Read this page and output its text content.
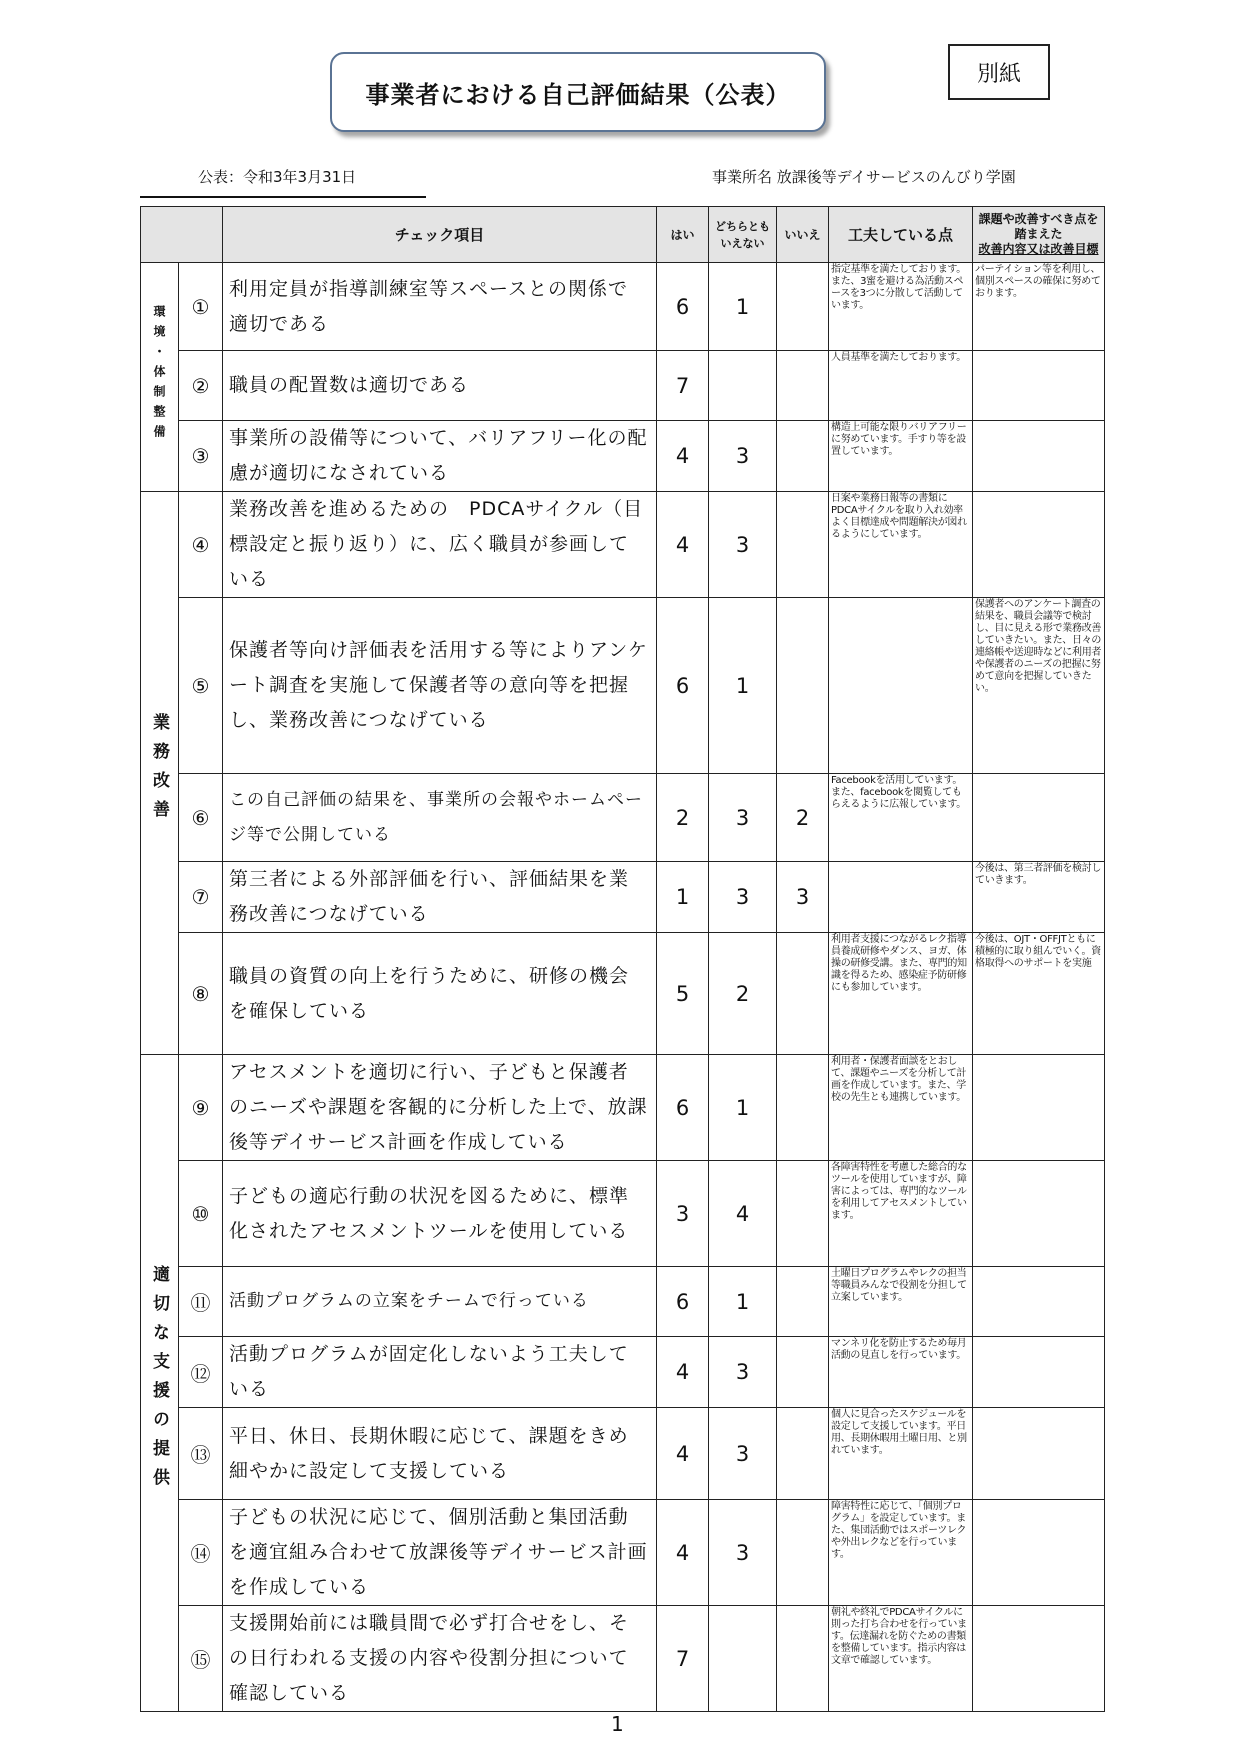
事業者における自己評価結果（公表）
別紙
公表：令和3年3月31日	事業所名 放課後等デイサービスのんびり学園
		チェック項目	はい	どちらとも
いえない	いいえ	工夫している点	課題や改善すべき点を
踏まえた
改善内容又は改善目標

環境・体制整備	①	利用定員が指導訓練室等スペースとの関係で適切である	6	1		指定基準を満たしております。また、3蜜を避ける為活動スペースを3つに分散して活動しています。	パーテイション等を利用し、個別スペースの確保に努めております。
	②	職員の配置数は適切である	7			人員基準を満たしております。	
	③	事業所の設備等について、バリアフリー化の配慮が適切になされている	4	3		構造上可能な限りバリアフリーに努めています。手すり等を設置しています。	
業務改善	④	業務改善を進めるための　PDCAサイクル（目標設定と振り返り）に、広く職員が参画している	4	3		日案や業務日報等の書類にPDCAサイクルを取り入れ効率よく目標達成や問題解決が図れるようにしています。	
	⑤	保護者等向け評価表を活用する等によりアンケート調査を実施して保護者等の意向等を把握し、業務改善につなげている	6	1			保護者へのアンケート調査の結果を、職員会議等で検討し、目に見える形で業務改善していきたい。また、日々の連絡帳や送迎時などに利用者や保護者のニーズの把握に努めて意向を把握していきたい。
	⑥	この自己評価の結果を、事業所の会報やホームページ等で公開している	2	3	2	Facebookを活用しています。また、facebookを閲覧してもらえるように広報しています。	
	⑦	第三者による外部評価を行い、評価結果を業務改善につなげている	1	3	3		今後は、第三者評価を検討していきます。
	⑧	職員の資質の向上を行うために、研修の機会を確保している	5	2		利用者支援につながるレク指導員養成研修やダンス、ヨガ、体操の研修受講。また、専門的知識を得るため、感染症予防研修にも参加しています。	今後は、OJT・OFFJTともに積極的に取り組んでいく。資格取得へのサポートを実施
適切な支援の提供	⑨	アセスメントを適切に行い、子どもと保護者のニーズや課題を客観的に分析した上で、放課後等デイサービス計画を作成している	6	1		利用者・保護者面談をとおして、課題やニーズを分析して計画を作成しています。また、学校の先生とも連携しています。	
	⑩	子どもの適応行動の状況を図るために、標準化されたアセスメントツールを使用している	3	4		各障害特性を考慮した総合的なツールを使用していますが、障害によっては、専門的なツールを利用してアセスメントしています。	
	⑪	活動プログラムの立案をチームで行っている	6	1		土曜日プログラムやレクの担当等職員みんなで役割を分担して立案しています。	
	⑫	活動プログラムが固定化しないよう工夫している	4	3		マンネリ化を防止するため毎月活動の見直しを行っています。	
	⑬	平日、休日、長期休暇に応じて、課題をきめ細やかに設定して支援している	4	3		個人に見合ったスケジュールを設定して支援しています。平日用、長期休暇用土曜日用、と別れています。	
	⑭	子どもの状況に応じて、個別活動と集団活動を適宜組み合わせて放課後等デイサービス計画を作成している	4	3		障害特性に応じて、「個別プログラム」を設定しています。また、集団活動ではスポーツレクや外出レクなどを行っています。	
	⑮	支援開始前には職員間で必ず打合せをし、その日行われる支援の内容や役割分担について確認している	7			朝礼や終礼でPDCAサイクルに則った打ち合わせを行っています。伝達漏れを防ぐための書類を整備しています。指示内容は文章で確認しています。	
1
